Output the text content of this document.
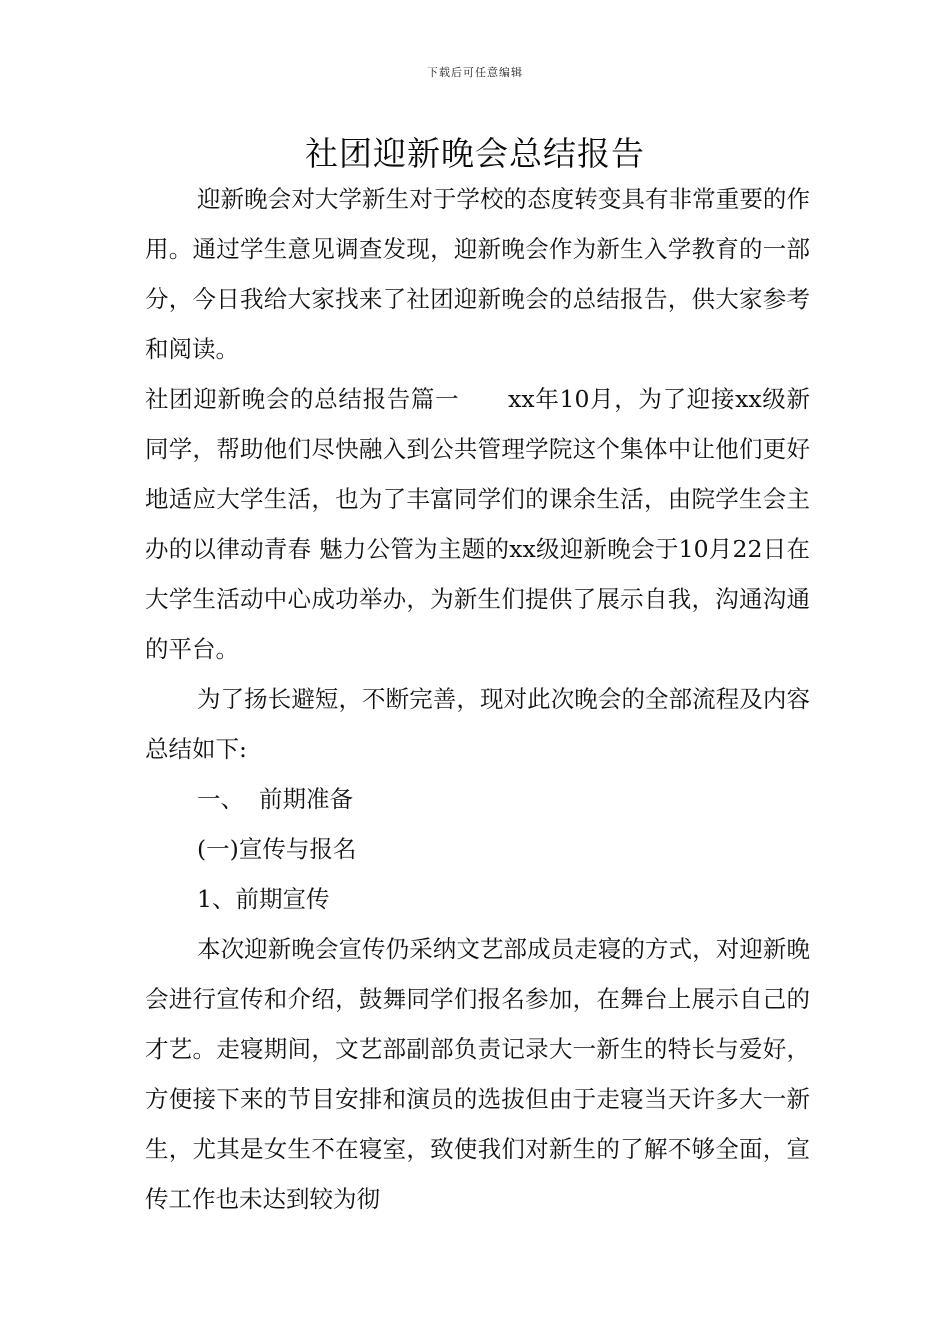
下载后可任意编辑
社团迎新晚会总结报告

迎新晚会对大学新生对于学校的态度转变具有非常重要的作用。通过学生意见调查发现，迎新晚会作为新生入学教育的一部分，今日我给大家找来了社团迎新晚会的总结报告，供大家参考和阅读。

社团迎新晚会的总结报告篇一      xx年10月，为了迎接xx级新同学，帮助他们尽快融入到公共管理学院这个集体中让他们更好地适应大学生活，也为了丰富同学们的课余生活，由院学生会主办的以律动青春 魅力公管为主题的xx级迎新晚会于10月22日在大学生活动中心成功举办，为新生们提供了展示自我，沟通沟通的平台。

为了扬长避短，不断完善，现对此次晚会的全部流程及内容总结如下:

一、  前期准备

(一)宣传与报名

1、前期宣传

本次迎新晚会宣传仍采纳文艺部成员走寝的方式，对迎新晚会进行宣传和介绍，鼓舞同学们报名参加，在舞台上展示自己的才艺。走寝期间，文艺部副部负责记录大一新生的特长与爱好，方便接下来的节目安排和演员的选拔但由于走寝当天许多大一新生，尤其是女生不在寝室，致使我们对新生的了解不够全面，宣传工作也未达到较为彻
